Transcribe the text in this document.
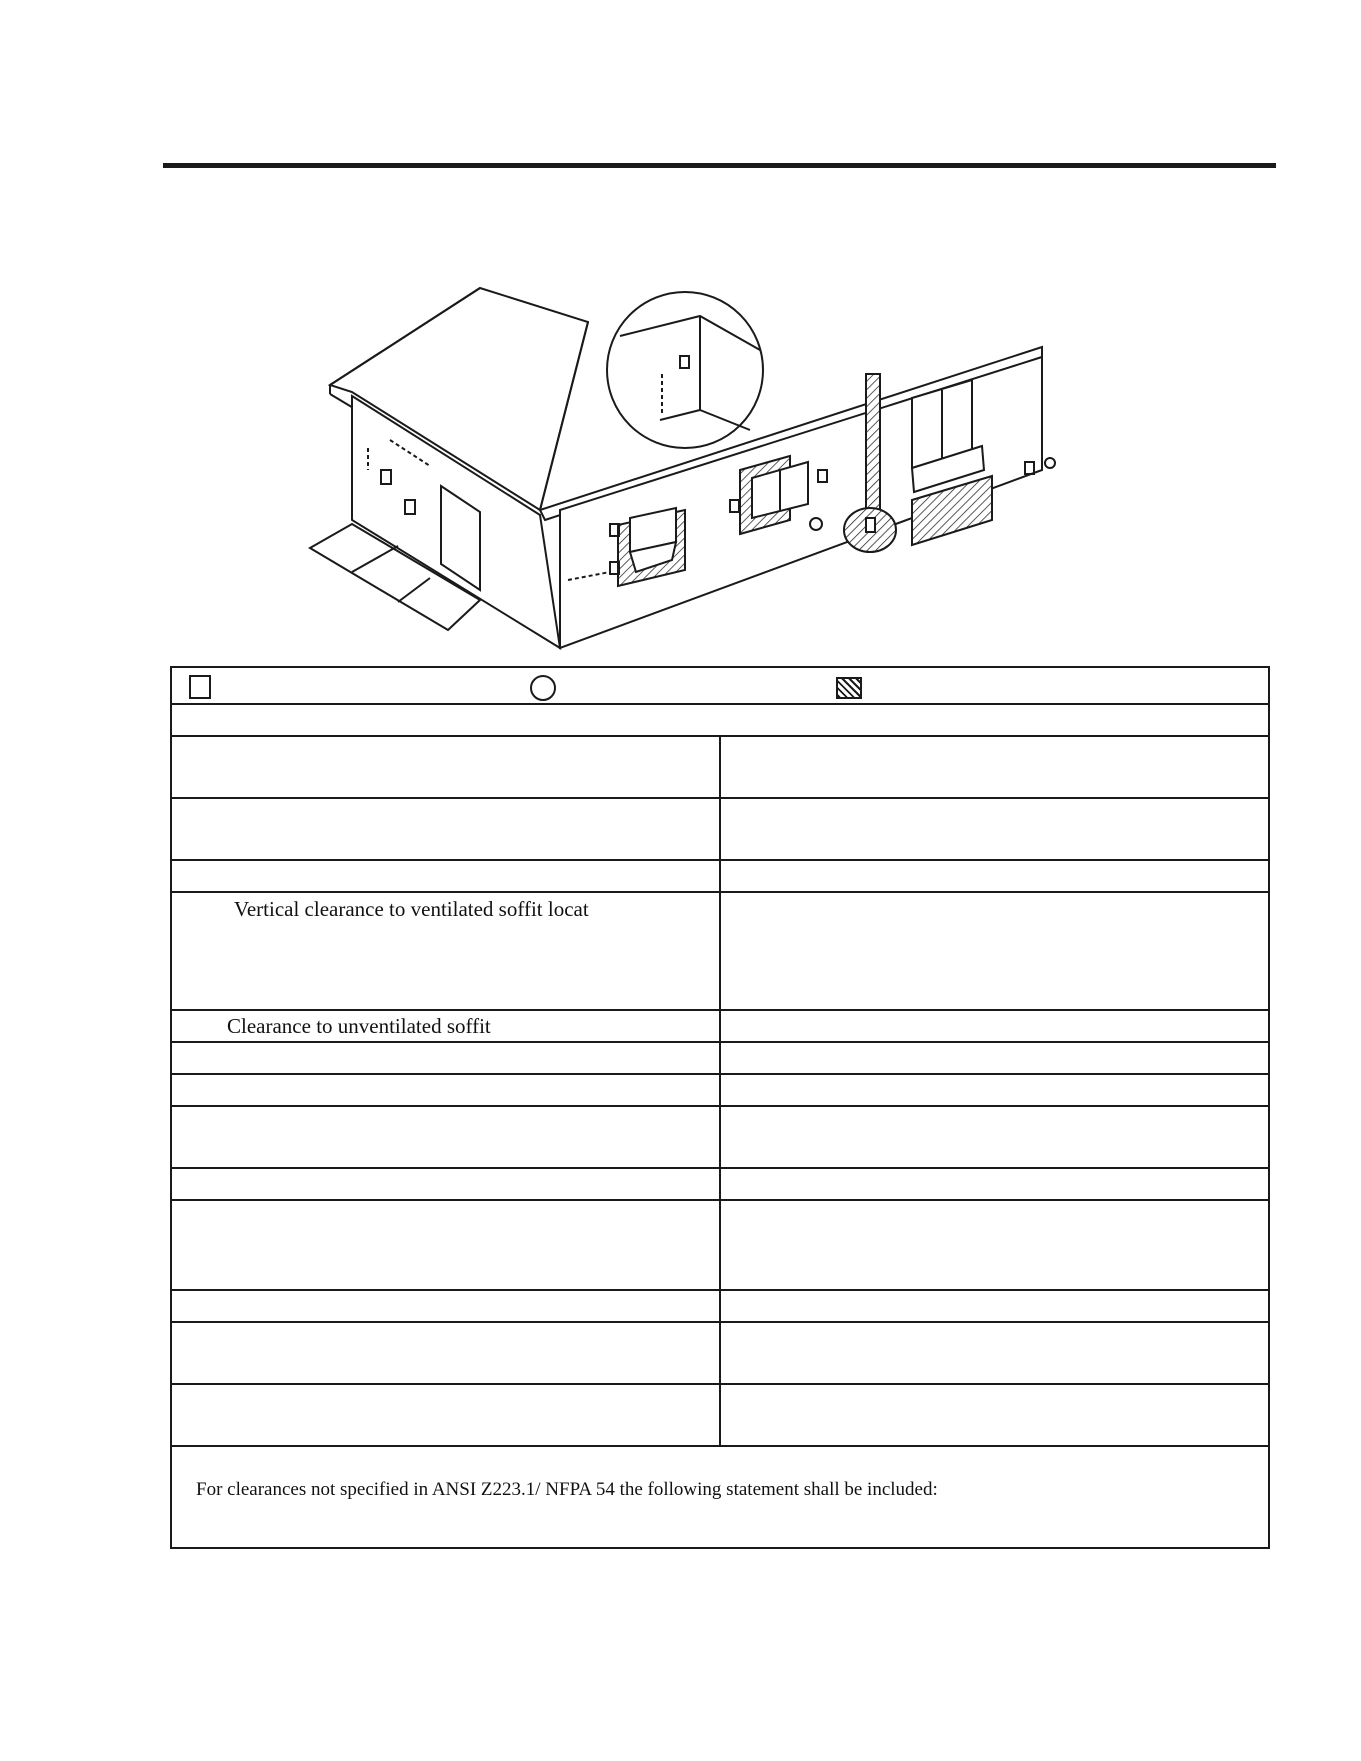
Vertical clearance to ventilated soffit locat	

Clearance to unventilated soffit	

For clearances not specified in ANSI Z223.1/ NFPA 54 the following statement shall be included:	
